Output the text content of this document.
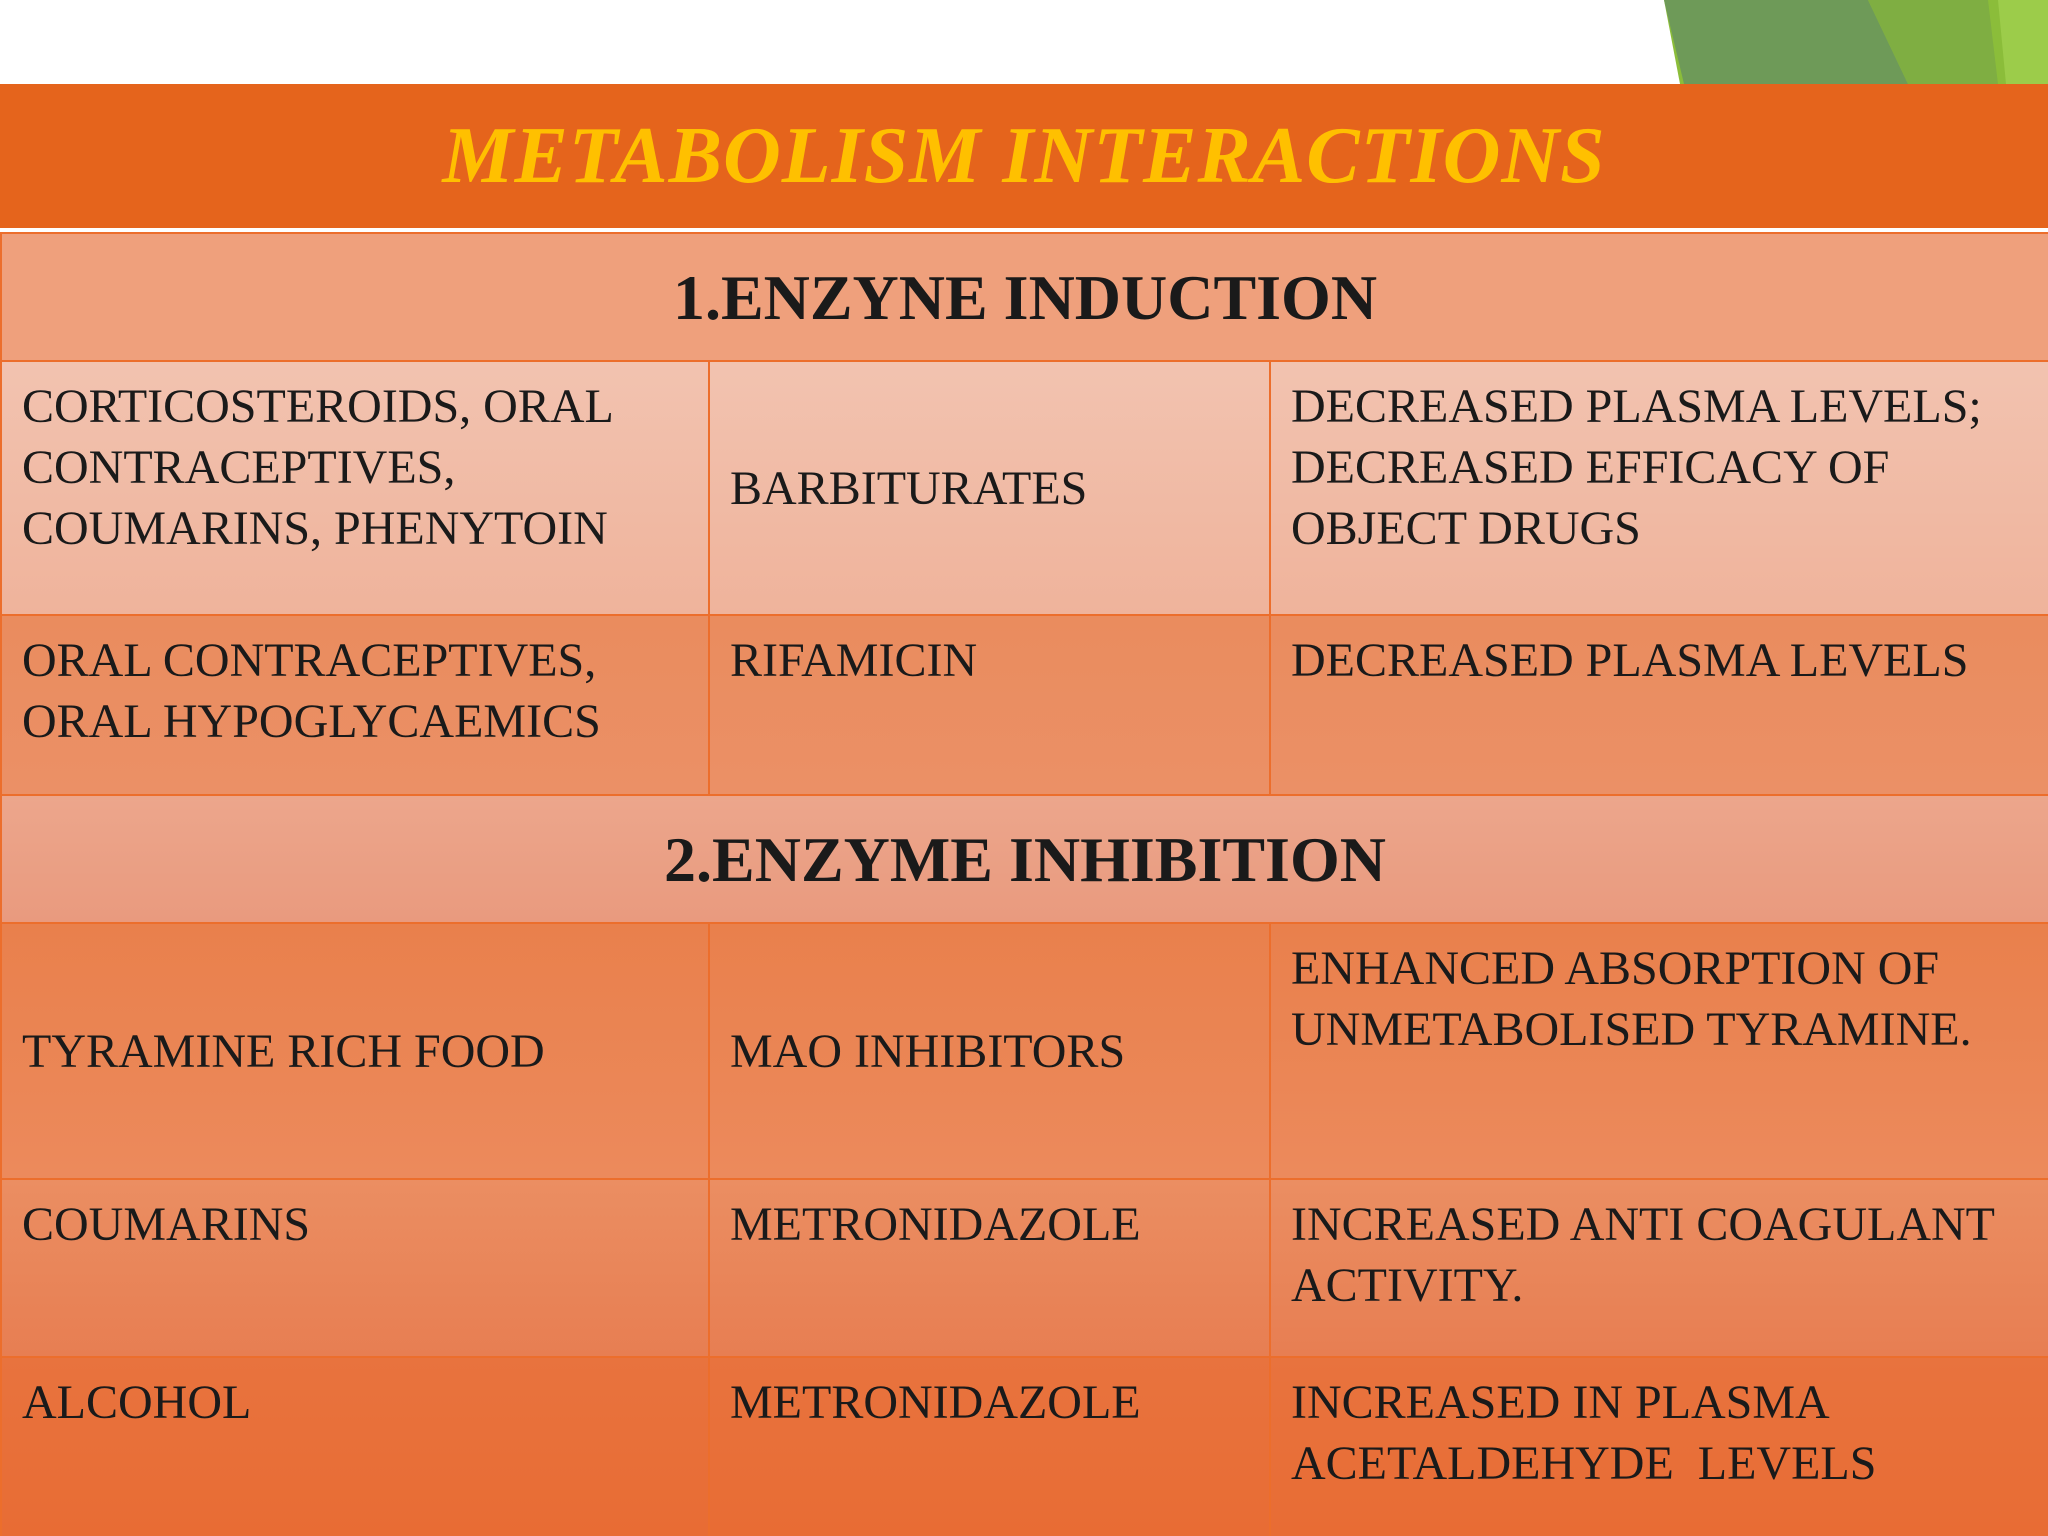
METABOLISM INTERACTIONS
1.ENZYNE INDUCTION		
CORTICOSTEROIDS, ORAL CONTRACEPTIVES, COUMARINS, PHENYTOIN	BARBITURATES	DECREASED PLASMA LEVELS; DECREASED EFFICACY OF OBJECT DRUGS
ORAL CONTRACEPTIVES, ORAL HYPOGLYCAEMICS	RIFAMICIN	DECREASED PLASMA LEVELS
2.ENZYME INHIBITION		
TYRAMINE RICH FOOD	MAO INHIBITORS	ENHANCED ABSORPTION OF UNMETABOLISED TYRAMINE.
COUMARINS	METRONIDAZOLE	INCREASED ANTI COAGULANT ACTIVITY.
ALCOHOL	METRONIDAZOLE	INCREASED IN PLASMA ACETALDEHYDE  LEVELS
